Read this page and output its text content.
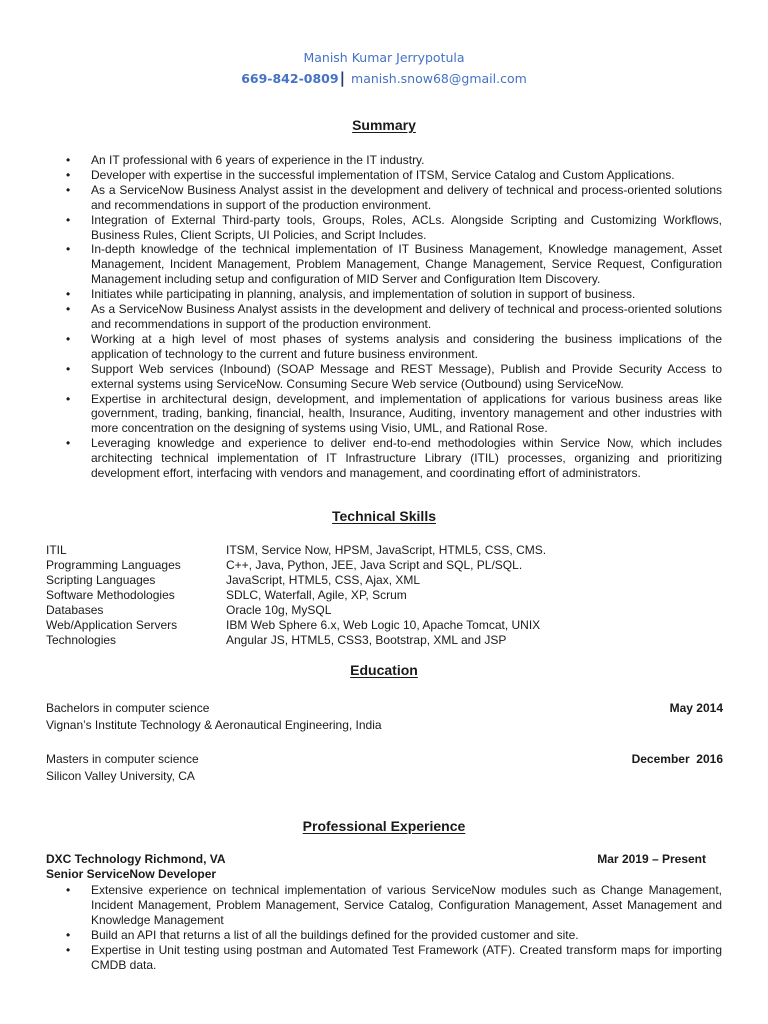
Manish Kumar Jerrypotula
669-842-0809| manish.snow68@gmail.com
Summary
• An IT professional with 6 years of experience in the IT industry.
• Developer with expertise in the successful implementation of ITSM, Service Catalog and Custom Applications.
• As a ServiceNow Business Analyst assist in the development and delivery of technical and process-oriented solutions and recommendations in support of the production environment.
• Integration of External Third-party tools, Groups, Roles, ACLs. Alongside Scripting and Customizing Workflows, Business Rules, Client Scripts, UI Policies, and Script Includes.
• In-depth knowledge of the technical implementation of IT Business Management, Knowledge management, Asset Management, Incident Management, Problem Management, Change Management, Service Request, Configuration Management including setup and configuration of MID Server and Configuration Item Discovery.
• Initiates while participating in planning, analysis, and implementation of solution in support of business.
• As a ServiceNow Business Analyst assists in the development and delivery of technical and process-oriented solutions and recommendations in support of the production environment.
• Working at a high level of most phases of systems analysis and considering the business implications of the application of technology to the current and future business environment.
• Support Web services (Inbound) (SOAP Message and REST Message), Publish and Provide Security Access to external systems using ServiceNow. Consuming Secure Web service (Outbound) using ServiceNow.
• Expertise in architectural design, development, and implementation of applications for various business areas like government, trading, banking, financial, health, Insurance, Auditing, inventory management and other industries with more concentration on the designing of systems using Visio, UML, and Rational Rose.
• Leveraging knowledge and experience to deliver end-to-end methodologies within Service Now, which includes architecting technical implementation of IT Infrastructure Library (ITIL) processes, organizing and prioritizing development effort, interfacing with vendors and management, and coordinating effort of administrators.
Technical Skills
ITIL	ITSM, Service Now, HPSM, JavaScript, HTML5, CSS, CMS.
Programming Languages	C++, Java, Python, JEE, Java Script and SQL, PL/SQL.
Scripting Languages	JavaScript, HTML5, CSS, Ajax, XML
Software Methodologies	SDLC, Waterfall, Agile, XP, Scrum
Databases	Oracle 10g, MySQL
Web/Application Servers	IBM Web Sphere 6.x, Web Logic 10, Apache Tomcat, UNIX
Technologies	Angular JS, HTML5, CSS3, Bootstrap, XML and JSP
Education
Bachelors in computer science	May 2014
Vignan’s Institute Technology & Aeronautical Engineering, India
Masters in computer science	December  2016
Silicon Valley University, CA
Professional Experience
DXC Technology Richmond, VA	Mar 2019 – Present
Senior ServiceNow Developer
• Extensive experience on technical implementation of various ServiceNow modules such as Change Management, Incident Management, Problem Management, Service Catalog, Configuration Management, Asset Management and Knowledge Management
• Build an API that returns a list of all the buildings defined for the provided customer and site.
• Expertise in Unit testing using postman and Automated Test Framework (ATF). Created transform maps for importing CMDB data.
